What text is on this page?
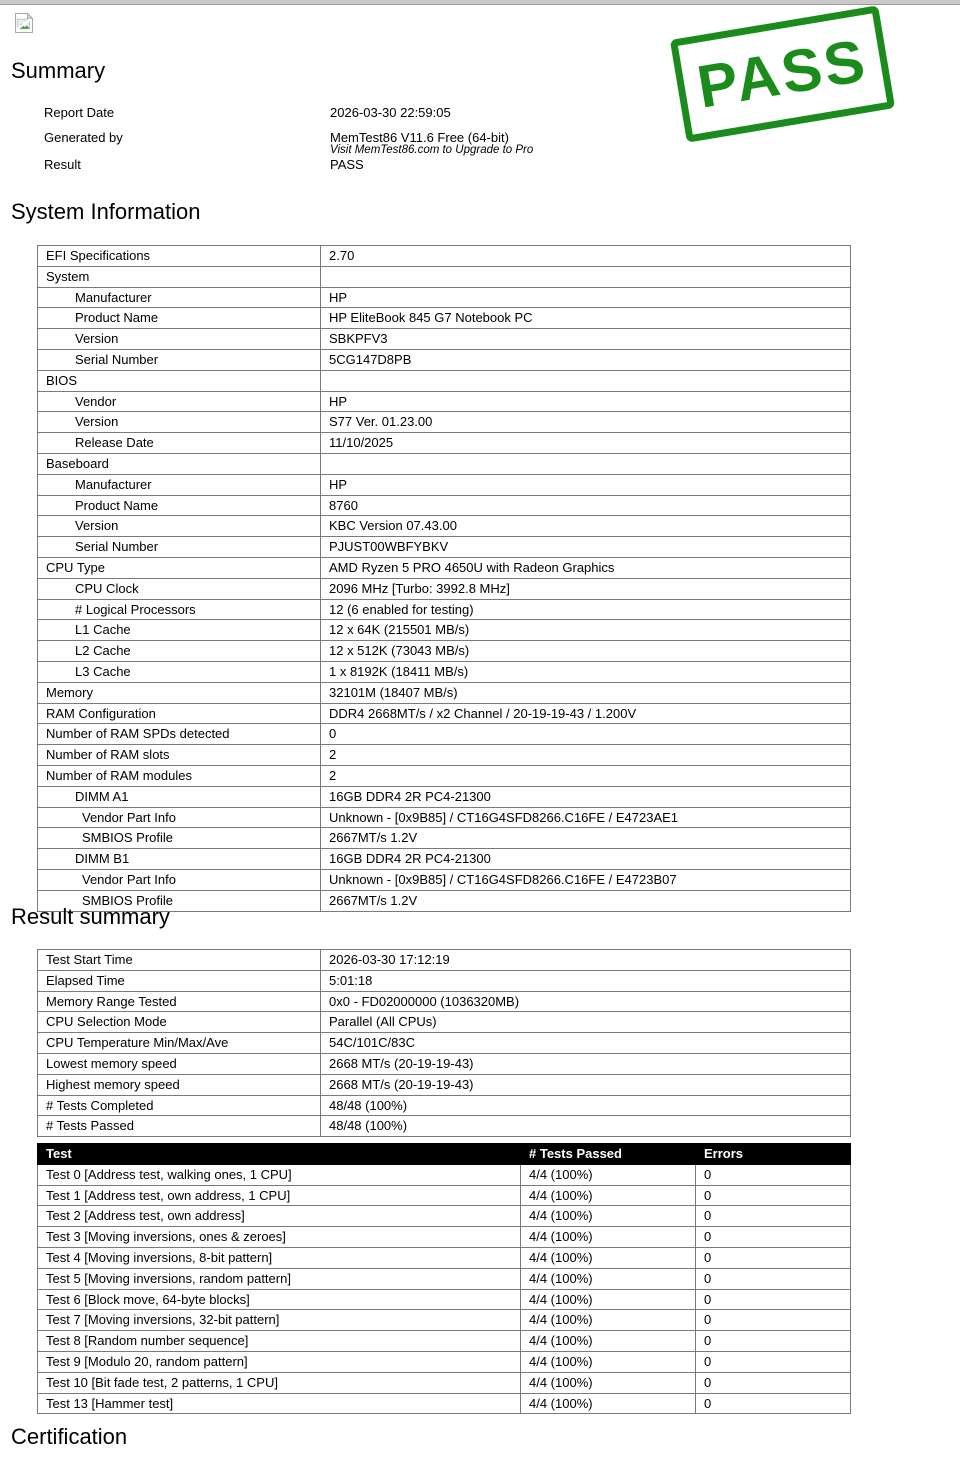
PASS
Summary
Report Date	2026-03-30 22:59:05
Generated by	MemTest86 V11.6 Free (64-bit)
Visit MemTest86.com to Upgrade to Pro
Result	PASS
System Information
EFI Specifications	2.70
System	
Manufacturer	HP
Product Name	HP EliteBook 845 G7 Notebook PC
Version	SBKPFV3
Serial Number	5CG147D8PB
BIOS	
Vendor	HP
Version	S77 Ver. 01.23.00
Release Date	11/10/2025
Baseboard	
Manufacturer	HP
Product Name	8760
Version	KBC Version 07.43.00
Serial Number	PJUST00WBFYBKV
CPU Type	AMD Ryzen 5 PRO 4650U with Radeon Graphics
CPU Clock	2096 MHz [Turbo: 3992.8 MHz]
# Logical Processors	12 (6 enabled for testing)
L1 Cache	12 x 64K (215501 MB/s)
L2 Cache	12 x 512K (73043 MB/s)
L3 Cache	1 x 8192K (18411 MB/s)
Memory	32101M (18407 MB/s)
RAM Configuration	DDR4 2668MT/s / x2 Channel / 20-19-19-43 / 1.200V
Number of RAM SPDs detected	0
Number of RAM slots	2
Number of RAM modules	2
DIMM A1	16GB DDR4 2R PC4-21300
Vendor Part Info	Unknown - [0x9B85] / CT16G4SFD8266.C16FE / E4723AE1
SMBIOS Profile	2667MT/s 1.2V
DIMM B1	16GB DDR4 2R PC4-21300
Vendor Part Info	Unknown - [0x9B85] / CT16G4SFD8266.C16FE / E4723B07
SMBIOS Profile	2667MT/s 1.2V
Result summary
Test Start Time	2026-03-30 17:12:19
Elapsed Time	5:01:18
Memory Range Tested	0x0 - FD02000000 (1036320MB)
CPU Selection Mode	Parallel (All CPUs)
CPU Temperature Min/Max/Ave	54C/101C/83C
Lowest memory speed	2668 MT/s (20-19-19-43)
Highest memory speed	2668 MT/s (20-19-19-43)
# Tests Completed	48/48 (100%)
# Tests Passed	48/48 (100%)
Test	# Tests Passed	Errors
Test 0 [Address test, walking ones, 1 CPU]	4/4 (100%)	0
Test 1 [Address test, own address, 1 CPU]	4/4 (100%)	0
Test 2 [Address test, own address]	4/4 (100%)	0
Test 3 [Moving inversions, ones & zeroes]	4/4 (100%)	0
Test 4 [Moving inversions, 8-bit pattern]	4/4 (100%)	0
Test 5 [Moving inversions, random pattern]	4/4 (100%)	0
Test 6 [Block move, 64-byte blocks]	4/4 (100%)	0
Test 7 [Moving inversions, 32-bit pattern]	4/4 (100%)	0
Test 8 [Random number sequence]	4/4 (100%)	0
Test 9 [Modulo 20, random pattern]	4/4 (100%)	0
Test 10 [Bit fade test, 2 patterns, 1 CPU]	4/4 (100%)	0
Test 13 [Hammer test]	4/4 (100%)	0
Certification
